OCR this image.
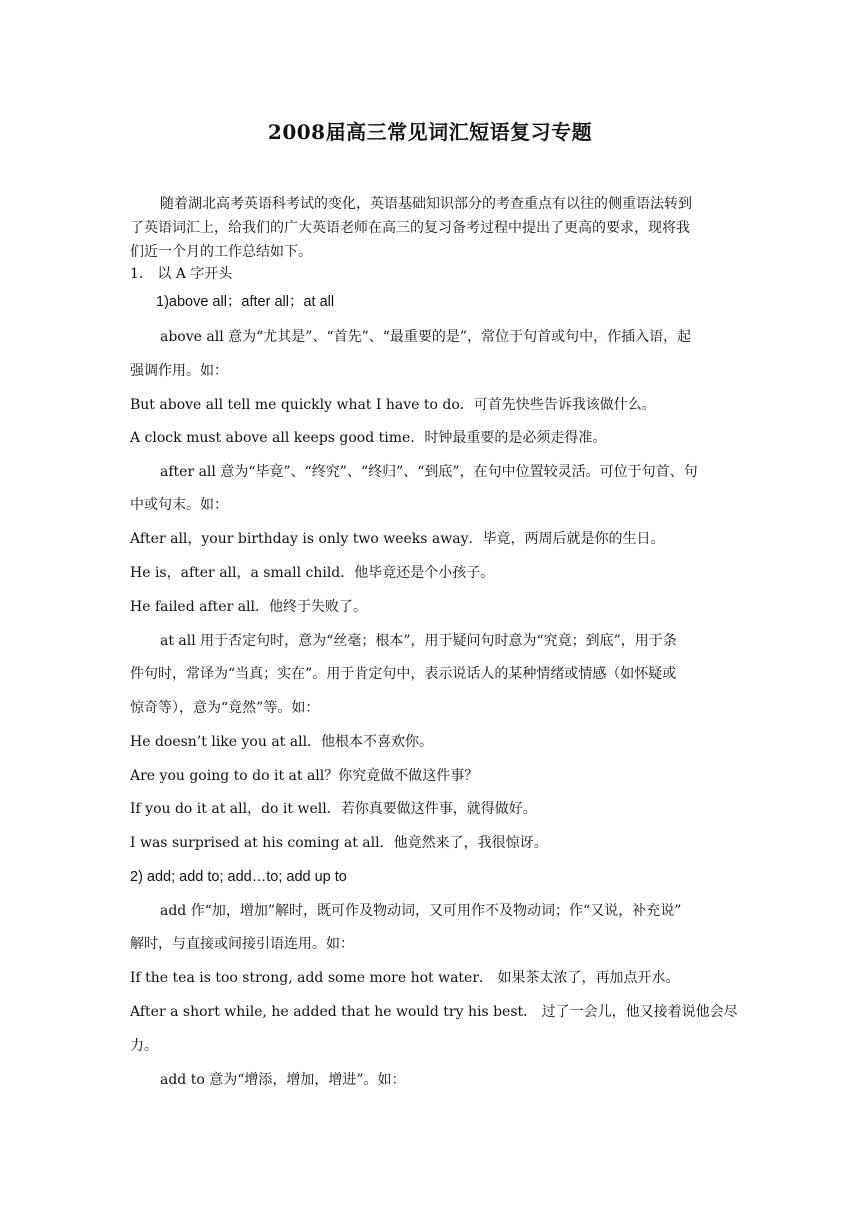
2008届高三常见词汇短语复习专题
随着湖北高考英语科考试的变化，英语基础知识部分的考查重点有以往的侧重语法转到
了英语词汇上，给我们的广大英语老师在高三的复习备考过程中提出了更高的要求，现将我
们近一个月的工作总结如下。
1． 以 A 字开头
1)above all；after all；at all
above all 意为“尤其是”、“首先”、“最重要的是”，常位于句首或句中，作插入语，起
强调作用。如：
But above all tell me quickly what I have to do．可首先快些告诉我该做什么。
A clock must above all keeps good time．时钟最重要的是必须走得准。
after all 意为“毕竟”、“终究”、“终归”、“到底”，在句中位置较灵活。可位于句首、句
中或句末。如：
After all，your birthday is only two weeks away．毕竟，两周后就是你的生日。
He is，after all，a small child．他毕竟还是个小孩子。
He failed after all．他终于失败了。
at all 用于否定句时，意为“丝毫；根本”，用于疑问句时意为“究竟；到底”，用于条
件句时，常译为“当真；实在”。用于肯定句中，表示说话人的某种情绪或情感（如怀疑或
惊奇等），意为“竟然”等。如：
He doesn’t like you at all．他根本不喜欢你。
Are you going to do it at all？你究竟做不做这件事？
If you do it at all，do it well．若你真要做这件事，就得做好。
I was surprised at his coming at all．他竟然来了，我很惊讶。
2) add; add to; add…to; add up to
add 作“加，增加”解时，既可作及物动词，又可用作不及物动词；作“又说，补充说”
解时，与直接或间接引语连用。如：
If the tea is too strong, add some more hot water． 如果茶太浓了，再加点开水。
After a short while, he added that he would try his best． 过了一会儿，他又接着说他会尽
力。
add to 意为“增添，增加，增进”。如：
